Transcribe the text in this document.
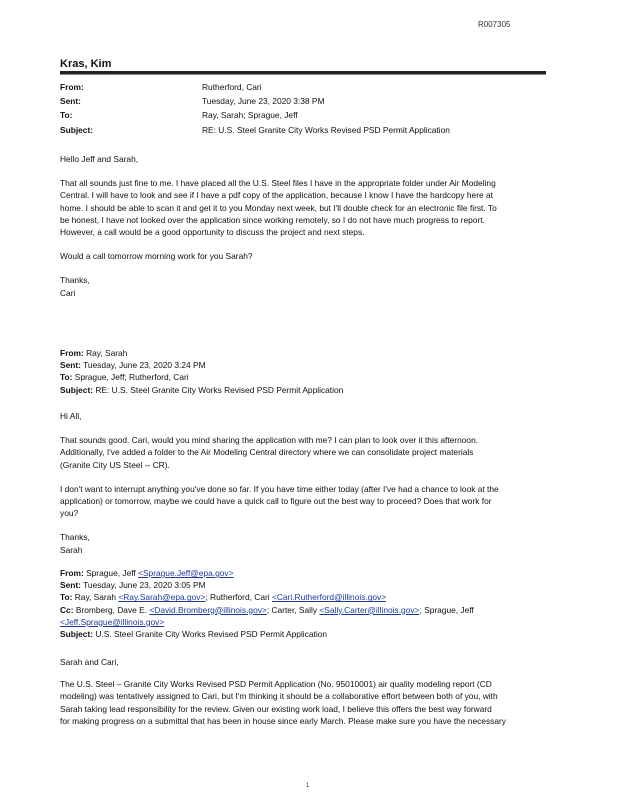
R007305
Kras, Kim
From:	Rutherford, Cari
Sent:	Tuesday, June 23, 2020 3:38 PM
To:	Ray, Sarah; Sprague, Jeff
Subject:	RE: U.S. Steel Granite City Works Revised PSD Permit Application

Hello Jeff and Sarah,

That all sounds just fine to me. I have placed all the U.S. Steel files I have in the appropriate folder under Air Modeling

Central. I will have to look and see if I have a pdf copy of the application, because I know I have the hardcopy here at

home. I should be able to scan it and get it to you Monday next week, but I'll double check for an electronic file first. To

be honest, I have not looked over the application since working remotely, so I do not have much progress to report.

However, a call would be a good opportunity to discuss the project and next steps.

Would a call tomorrow morning work for you Sarah?

Thanks,

Cari

From: Ray, Sarah

Sent: Tuesday, June 23, 2020 3:24 PM

To: Sprague, Jeff; Rutherford, Cari

Subject: RE: U.S. Steel Granite City Works Revised PSD Permit Application

Hi All,

That sounds good. Cari, would you mind sharing the application with me? I can plan to look over it this afternoon.

Additionally, I've added a folder to the Air Modeling Central directory where we can consolidate project materials

(Granite City US Steel -- CR).

I don't want to interrupt anything you've done so far. If you have time either today (after I've had a chance to look at the

application) or tomorrow, maybe we could have a quick call to figure out the best way to proceed? Does that work for

you?

Thanks,

Sarah

From: Sprague, Jeff <Sprague.Jeff@epa.gov>

Sent: Tuesday, June 23, 2020 3:05 PM

To: Ray, Sarah <Ray.Sarah@epa.gov>; Rutherford, Cari <Cari.Rutherford@illinois.gov>

Cc: Bromberg, Dave E. <David.Bromberg@illinois.gov>; Carter, Sally <Sally.Carter@illinois.gov>; Sprague, Jeff

<Jeff.Sprague@illinois.gov>

Subject: U.S. Steel Granite City Works Revised PSD Permit Application

Sarah and Cari,

The U.S. Steel – Granite City Works Revised PSD Permit Application (No. 95010001) air quality modeling report (CD

modeling) was tentatively assigned to Cari, but I'm thinking it should be a collaborative effort between both of you, with

Sarah taking lead responsibility for the review. Given our existing work load, I believe this offers the best way forward

for making progress on a submittal that has been in house since early March. Please make sure you have the necessary

1
